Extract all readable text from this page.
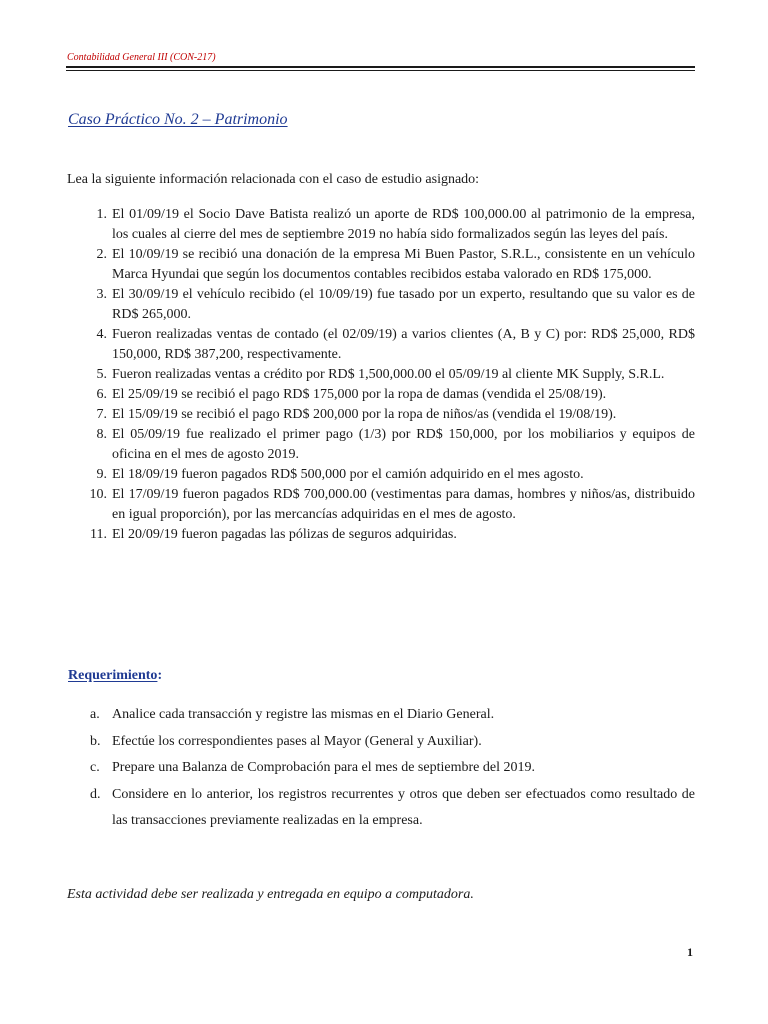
Contabilidad General III (CON-217)
Caso Práctico No. 2 – Patrimonio
Lea la siguiente información relacionada con el caso de estudio asignado:
1. El 01/09/19 el Socio Dave Batista realizó un aporte de RD$ 100,000.00 al patrimonio de la empresa, los cuales al cierre del mes de septiembre 2019 no había sido formalizados según las leyes del país.
2. El 10/09/19 se recibió una donación de la empresa Mi Buen Pastor, S.R.L., consistente en un vehículo Marca Hyundai que según los documentos contables recibidos estaba valorado en RD$ 175,000.
3. El 30/09/19 el vehículo recibido (el 10/09/19) fue tasado por un experto, resultando que su valor es de RD$ 265,000.
4. Fueron realizadas ventas de contado (el 02/09/19) a varios clientes (A, B y C) por: RD$ 25,000, RD$ 150,000, RD$ 387,200, respectivamente.
5. Fueron realizadas ventas a crédito por RD$ 1,500,000.00 el 05/09/19 al cliente MK Supply, S.R.L.
6. El 25/09/19 se recibió el pago RD$ 175,000 por la ropa de damas (vendida el 25/08/19).
7. El 15/09/19 se recibió el pago RD$ 200,000 por la ropa de niños/as (vendida el 19/08/19).
8. El 05/09/19 fue realizado el primer pago (1/3) por RD$ 150,000, por los mobiliarios y equipos de oficina en el mes de agosto 2019.
9. El 18/09/19 fueron pagados RD$ 500,000 por el camión adquirido en el mes agosto.
10. El 17/09/19 fueron pagados RD$ 700,000.00 (vestimentas para damas, hombres y niños/as, distribuido en igual proporción), por las mercancías adquiridas en el mes de agosto.
11. El 20/09/19 fueron pagadas las pólizas de seguros adquiridas.
Requerimiento:
a. Analice cada transacción y registre las mismas en el Diario General.
b. Efectúe los correspondientes pases al Mayor (General y Auxiliar).
c. Prepare una Balanza de Comprobación para el mes de septiembre del 2019.
d. Considere en lo anterior, los registros recurrentes y otros que deben ser efectuados como resultado de las transacciones previamente realizadas en la empresa.
Esta actividad debe ser realizada y entregada en equipo a computadora.
1
